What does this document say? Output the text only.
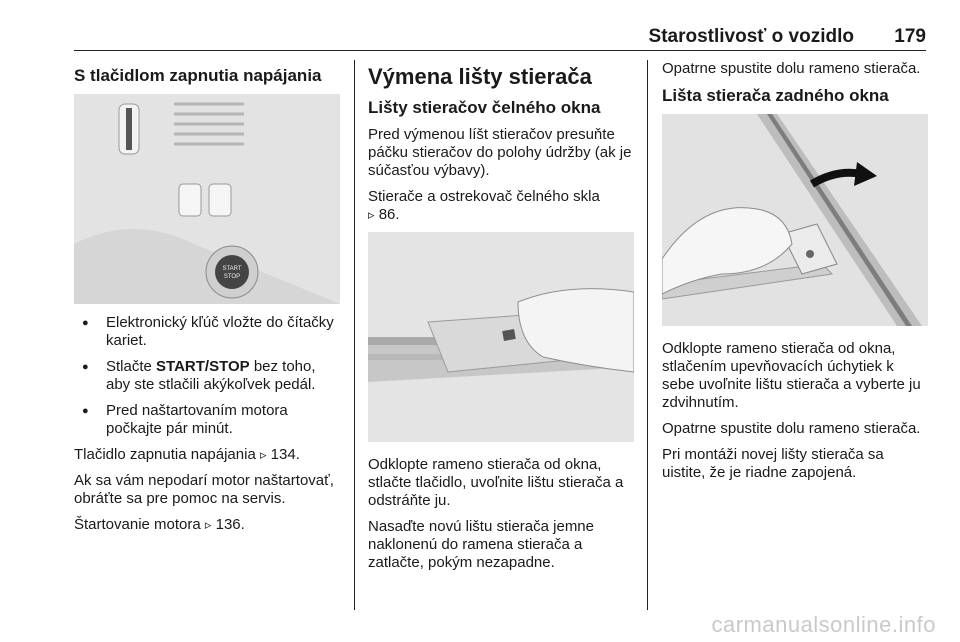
Starostlivosť o vozidlo 179
S tlačidlom zapnutia napájania
START
STOP
● Elektronický kľúč vložte do čítačky kariet.
● Stlačte START/STOP bez toho, aby ste stlačili akýkoľvek pedál.
● Pred naštartovaním motora počkajte pár minút.

Tlačidlo zapnutia napájania ▹ 134.

Ak sa vám nepodarí motor naštartovať, obráťte sa pre pomoc na servis.

Štartovanie motora ▹ 136.

Výmena lišty stierača
Lišty stieračov čelného okna

Pred výmenou líšt stieračov presuňte páčku stieračov do polohy údržby (ak je súčasťou výbavy).

Stierače a ostrekovač čelného skla
▹ 86.

Odklopte rameno stierača od okna, stlačte tlačidlo, uvoľnite lištu stierača a odstráňte ju.

Nasaďte novú lištu stierača jemne naklonenú do ramena stierača a zatlačte, pokým nezapadne.

Opatrne spustite dolu rameno stierača.

Lišta stierača zadného okna

Odklopte rameno stierača od okna, stlačením upevňovacích úchytiek k sebe uvoľnite lištu stierača a vyberte ju zdvihnutím.

Opatrne spustite dolu rameno stierača.

Pri montáži novej lišty stierača sa uistite, že je riadne zapojená.

carmanualsonline.info
